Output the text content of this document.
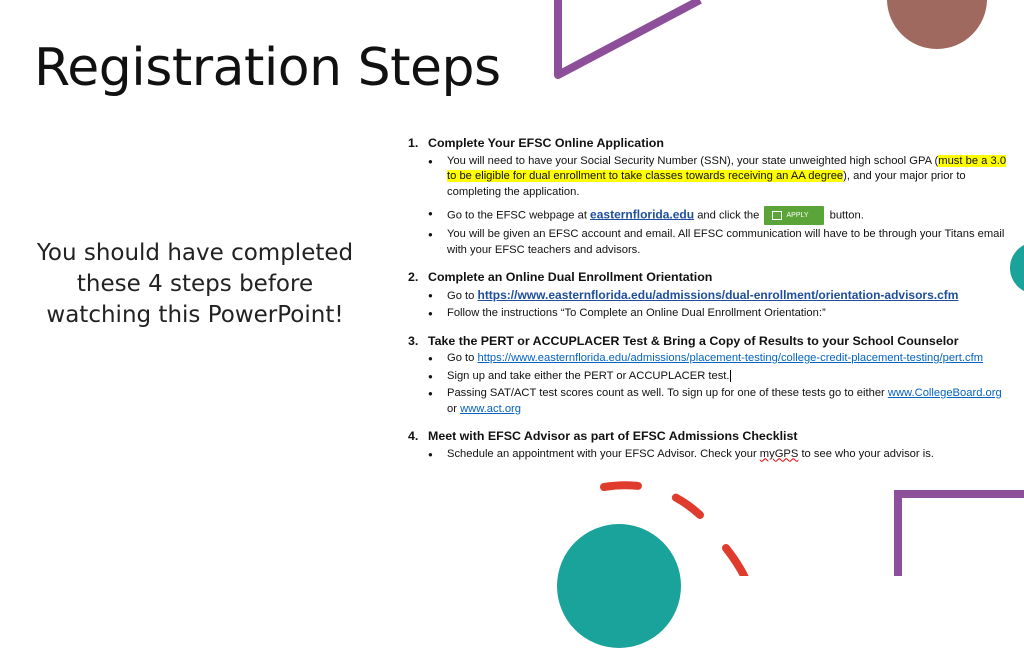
Registration Steps
You should have completed these 4 steps before watching this PowerPoint!
1. Complete Your EFSC Online Application
● You will need to have your Social Security Number (SSN), your state unweighted high school GPA (must be a 3.0 to be eligible for dual enrollment to take classes towards receiving an AA degree), and your major prior to completing the application.
● Go to the EFSC webpage at easternflorida.edu and click the	APPLY button.
● You will be given an EFSC account and email. All EFSC communication will have to be through your Titans email with your EFSC teachers and advisors.
2. Complete an Online Dual Enrollment Orientation
● Go to https://www.easternflorida.edu/admissions/dual-enrollment/orientation-advisors.cfm
● Follow the instructions “To Complete an Online Dual Enrollment Orientation:”
3. Take the PERT or ACCUPLACER Test & Bring a Copy of Results to your School Counselor
● Go to https://www.easternflorida.edu/admissions/placement-testing/college-credit-placement-testing/pert.cfm
● Sign up and take either the PERT or ACCUPLACER test.
● Passing SAT/ACT test scores count as well. To sign up for one of these tests go to either www.CollegeBoard.org or www.act.org
4. Meet with EFSC Advisor as part of EFSC Admissions Checklist
● Schedule an appointment with your EFSC Advisor. Check your myGPS to see who your advisor is.
